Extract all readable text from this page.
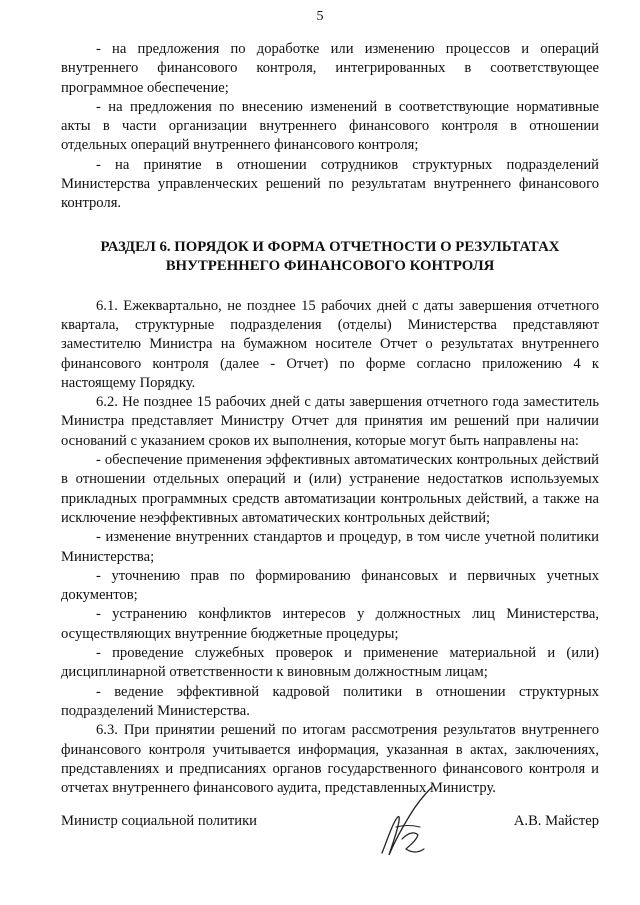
5

- на предложения по доработке или изменению процессов и операций внутреннего финансового контроля, интегрированных в соответствующее программное обеспечение;

- на предложения по внесению изменений в соответствующие нормативные акты в части организации внутреннего финансового контроля в отношении отдельных операций внутреннего финансового контроля;

- на принятие в отношении сотрудников структурных подразделений Министерства управленческих решений по результатам внутреннего финансового контроля.

РАЗДЕЛ 6. ПОРЯДОК И ФОРМА ОТЧЕТНОСТИ О РЕЗУЛЬТАТАХ
ВНУТРЕННЕГО ФИНАНСОВОГО КОНТРОЛЯ

6.1. Ежеквартально, не позднее 15 рабочих дней с даты завершения отчетного квартала, структурные подразделения (отделы) Министерства представляют заместителю Министра на бумажном носителе Отчет о результатах внутреннего финансового контроля (далее - Отчет) по форме согласно приложению 4 к настоящему Порядку.

6.2. Не позднее 15 рабочих дней с даты завершения отчетного года заместитель Министра представляет Министру Отчет для принятия им решений при наличии оснований с указанием сроков их выполнения, которые могут быть направлены на:

- обеспечение применения эффективных автоматических контрольных действий в отношении отдельных операций и (или) устранение недостатков используемых прикладных программных средств автоматизации контрольных действий, а также на исключение неэффективных автоматических контрольных действий;

- изменение внутренних стандартов и процедур, в том числе учетной политики Министерства;

- уточнению прав по формированию финансовых и первичных учетных документов;

- устранению конфликтов интересов у должностных лиц Министерства, осуществляющих внутренние бюджетные процедуры;

- проведение служебных проверок и применение материальной и (или) дисциплинарной ответственности к виновным должностным лицам;

- ведение эффективной кадровой политики в отношении структурных подразделений Министерства.

6.3. При принятии решений по итогам рассмотрения результатов внутреннего финансового контроля учитывается информация, указанная в актах, заключениях, представлениях и предписаниях органов государственного финансового контроля и отчетах внутреннего финансового аудита, представленных Министру.

Министр социальной политики	А.В. Майстер
